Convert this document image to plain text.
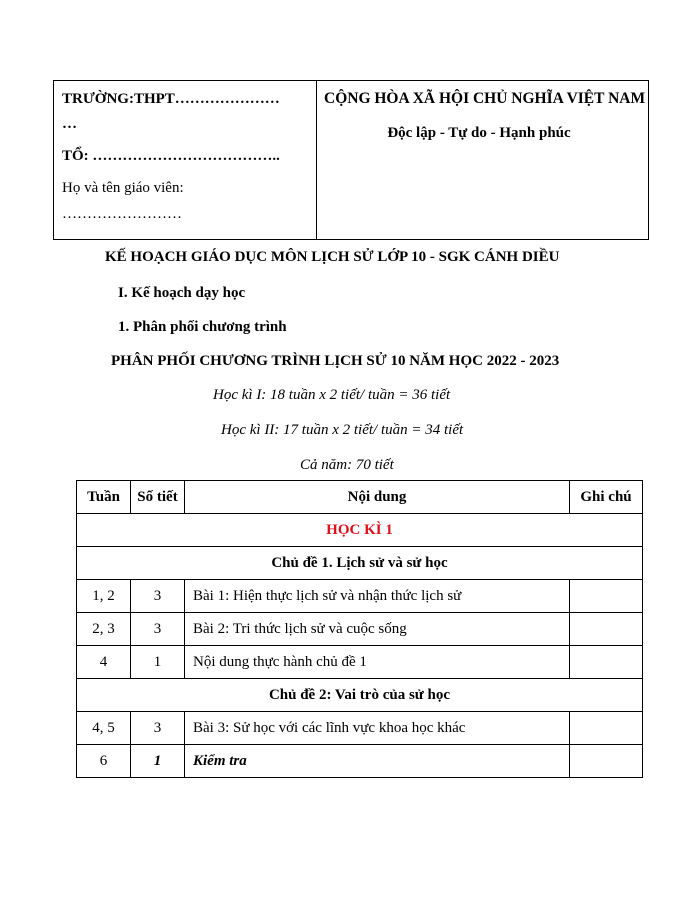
TRƯỜNG:THPT…………………
…
TỔ: ………………………………..
Họ và tên giáo viên:
……………………
CỘNG HÒA XÃ HỘI CHỦ NGHĨA VIỆT NAM
Độc lập - Tự do - Hạnh phúc
KẾ HOẠCH GIÁO DỤC MÔN LỊCH SỬ LỚP 10 - SGK CÁNH DIỀU
I. Kế hoạch dạy học
1. Phân phối chương trình
PHÂN PHỐI CHƯƠNG TRÌNH LỊCH SỬ 10 NĂM HỌC 2022 - 2023
Học kì I: 18 tuần x 2 tiết/ tuần = 36 tiết
Học kì II: 17 tuần x 2 tiết/ tuần = 34 tiết
Cả năm: 70 tiết
Tuần	Số tiết	Nội dung	Ghi chú
HỌC KÌ 1			
Chủ đề 1. Lịch sử và sử học			
1, 2	3	Bài 1: Hiện thực lịch sử và nhận thức lịch sử	
2, 3	3	Bài 2: Tri thức lịch sử và cuộc sống	
4	1	Nội dung thực hành chủ đề 1	
Chủ đề 2: Vai trò của sử học			
4, 5	3	Bài 3: Sử học với các lĩnh vực khoa học khác	
6	1	Kiểm tra	
